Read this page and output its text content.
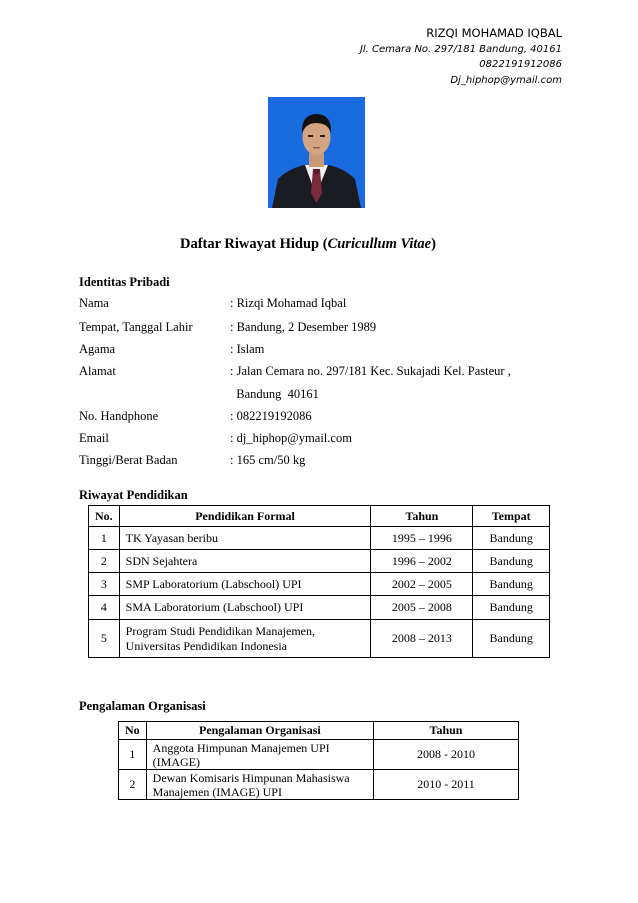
RIZQI MOHAMAD IQBAL
Jl. Cemara No. 297/181 Bandung, 40161
0822191912086
Dj_hiphop@ymail.com
Daftar Riwayat Hidup (Curicullum Vitae)
Identitas Pribadi
Nama	: Rizqi Mohamad Iqbal
Tempat, Tanggal Lahir	: Bandung, 2 Desember 1989
Agama	: Islam
Alamat	: Jalan Cemara no. 297/181 Kec. Sukajadi Kel. Pasteur ,
Bandung  40161
No. Handphone	: 082219192086
Email	: dj_hiphop@ymail.com
Tinggi/Berat Badan	: 165 cm/50 kg
Riwayat Pendidikan
No.	Pendidikan Formal	Tahun	Tempat
1	TK Yayasan beribu	1995 – 1996	Bandung
2	SDN Sejahtera	1996 – 2002	Bandung
3	SMP Laboratorium (Labschool) UPI	2002 – 2005	Bandung
4	SMA Laboratorium (Labschool) UPI	2005 – 2008	Bandung
5	Program Studi Pendidikan Manajemen,
Universitas Pendidikan Indonesia	2008 – 2013	Bandung
Pengalaman Organisasi
No	Pengalaman Organisasi	Tahun
1	Anggota Himpunan Manajemen UPI
(IMAGE)	2008 - 2010
2	Dewan Komisaris Himpunan Mahasiswa
Manajemen (IMAGE) UPI	2010 - 2011
